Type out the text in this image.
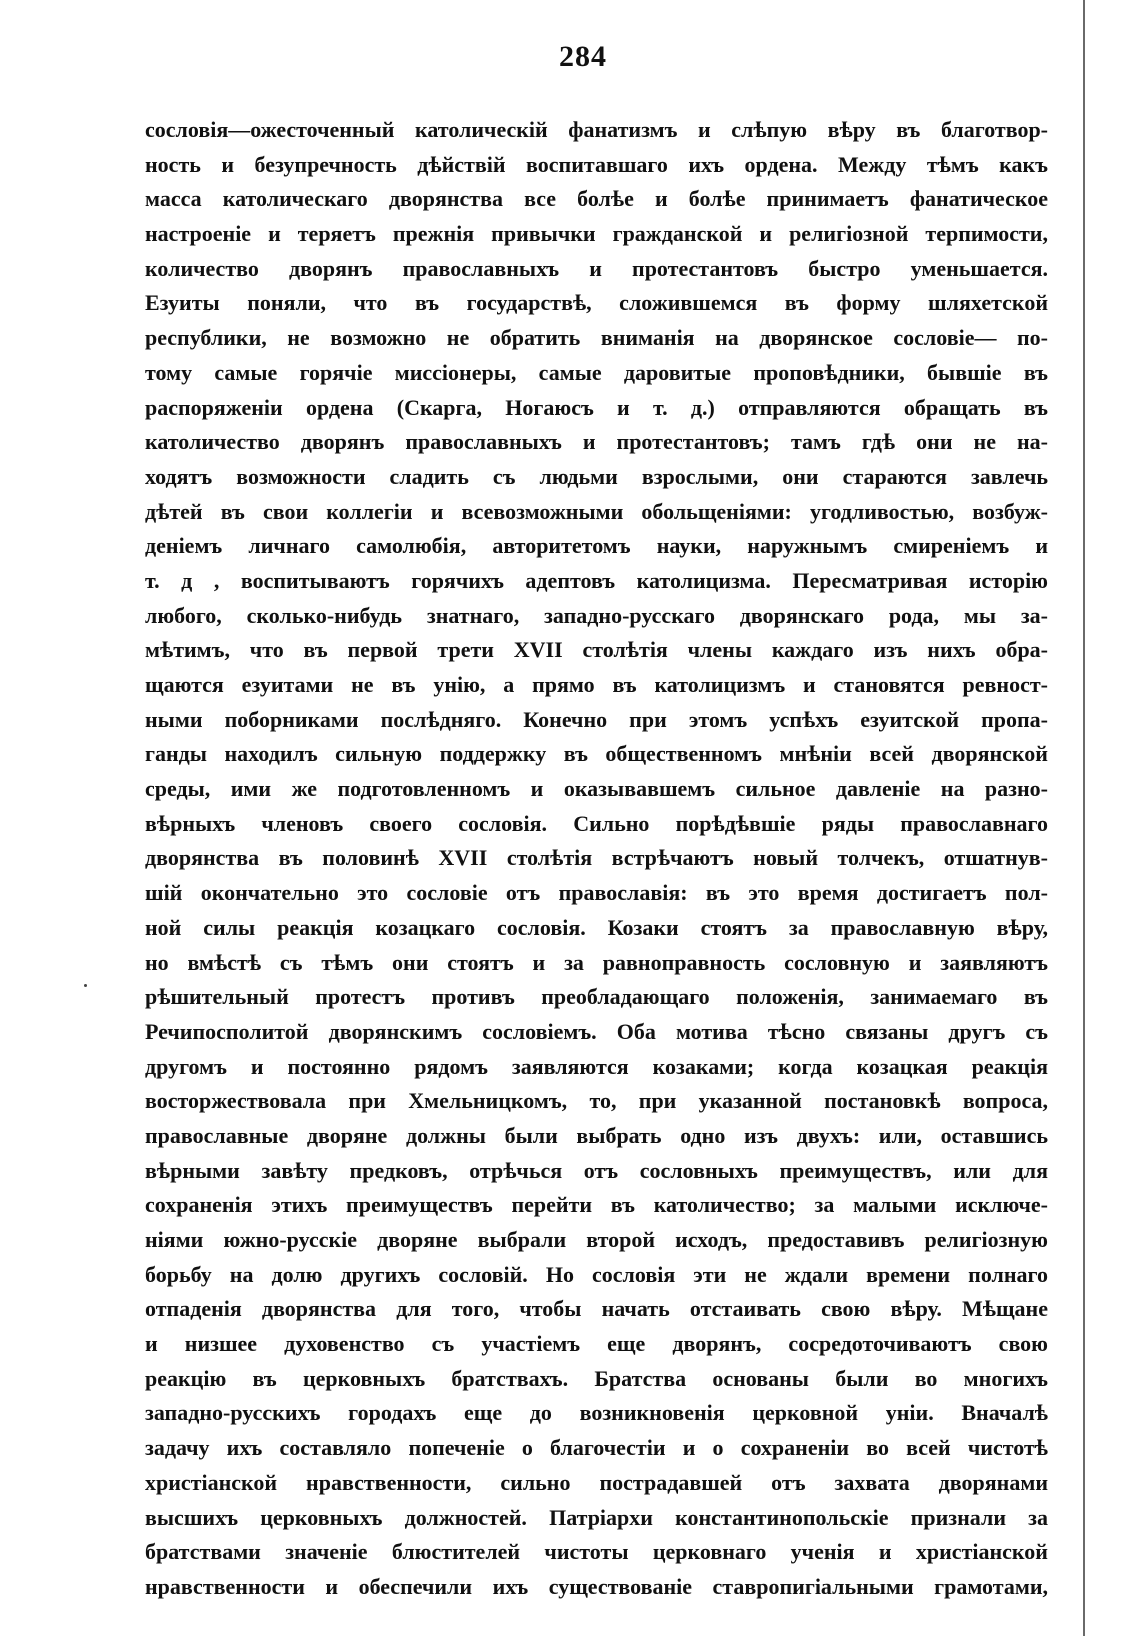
284
сословія—ожесточенный католическій фанатизмъ и слѣпую вѣру въ благотвор-
ность и безупречность дѣйствій воспитавшаго ихъ ордена. Между тѣмъ какъ
масса католическаго дворянства все болѣе и болѣе принимаетъ фанатическое
настроеніе и теряетъ прежнія привычки гражданской и религіозной терпимости,
количество дворянъ православныхъ и протестантовъ быстро уменьшается.
Езуиты поняли, что въ государствѣ, сложившемся въ форму шляхетской
республики, не возможно не обратить вниманія на дворянское сословіе— по-
тому самые горячіе миссіонеры, самые даровитые проповѣдники, бывшіе въ
распоряженіи ордена (Скарга, Ногаюсъ и т. д.) отправляются обращать въ
католичество дворянъ православныхъ и протестантовъ; тамъ гдѣ они не на-
ходятъ возможности сладить съ людьми взрослыми, они стараются завлечь
дѣтей въ свои коллегіи и всевозможными обольщеніями: угодливостью, возбуж-
деніемъ личнаго самолюбія, авторитетомъ науки, наружнымъ смиреніемъ и
т. д , воспитываютъ горячихъ адептовъ католицизма. Пересматривая исторію
любого, сколько-нибудь знатнаго, западно-русскаго дворянскаго рода, мы за-
мѣтимъ, что въ первой трети XVII столѣтія члены каждаго изъ нихъ обра-
щаются езуитами не въ унію, а прямо въ католицизмъ и становятся ревност-
ными поборниками послѣдняго. Конечно при этомъ успѣхъ езуитской пропа-
ганды находилъ сильную поддержку въ общественномъ мнѣніи всей дворянской
среды, ими же подготовленномъ и оказывавшемъ сильное давленіе на разно-
вѣрныхъ членовъ своего сословія. Сильно порѣдѣвшіе ряды православнаго
дворянства въ половинѣ XVII столѣтія встрѣчаютъ новый толчекъ, отшатнув-
шій окончательно это сословіе отъ православія: въ это время достигаетъ пол-
ной силы реакція козацкаго сословія. Козаки стоятъ за православную вѣру,
но вмѣстѣ съ тѣмъ они стоятъ и за равноправность сословную и заявляютъ
рѣшительный протестъ противъ преобладающаго положенія, занимаемаго въ
Речипосполитой дворянскимъ сословіемъ. Оба мотива тѣсно связаны другъ съ
другомъ и постоянно рядомъ заявляются козаками; когда козацкая реакція
восторжествовала при Хмельницкомъ, то, при указанной постановкѣ вопроса,
православные дворяне должны были выбрать одно изъ двухъ: или, оставшись
вѣрными завѣту предковъ, отрѣчься отъ сословныхъ преимуществъ, или для
сохраненія этихъ преимуществъ перейти въ католичество; за малыми исключе-
ніями южно-русскіе дворяне выбрали второй исходъ, предоставивъ религіозную
борьбу на долю другихъ сословій. Но сословія эти не ждали времени полнаго
отпаденія дворянства для того, чтобы начать отстаивать свою вѣру. Мѣщане
и низшее духовенство съ участіемъ еще дворянъ, сосредоточиваютъ свою
реакцію въ церковныхъ братствахъ. Братства основаны были во многихъ
западно-русскихъ городахъ еще до возникновенія церковной уніи. Вначалѣ
задачу ихъ составляло попеченіе о благочестіи и о сохраненіи во всей чистотѣ
христіанской нравственности, сильно пострадавшей отъ захвата дворянами
высшихъ церковныхъ должностей. Патріархи константинопольскіе признали за
братствами значеніе блюстителей чистоты церковнаго ученія и христіанской
нравственности и обеспечили ихъ существованіе ставропигіальными грамотами,
